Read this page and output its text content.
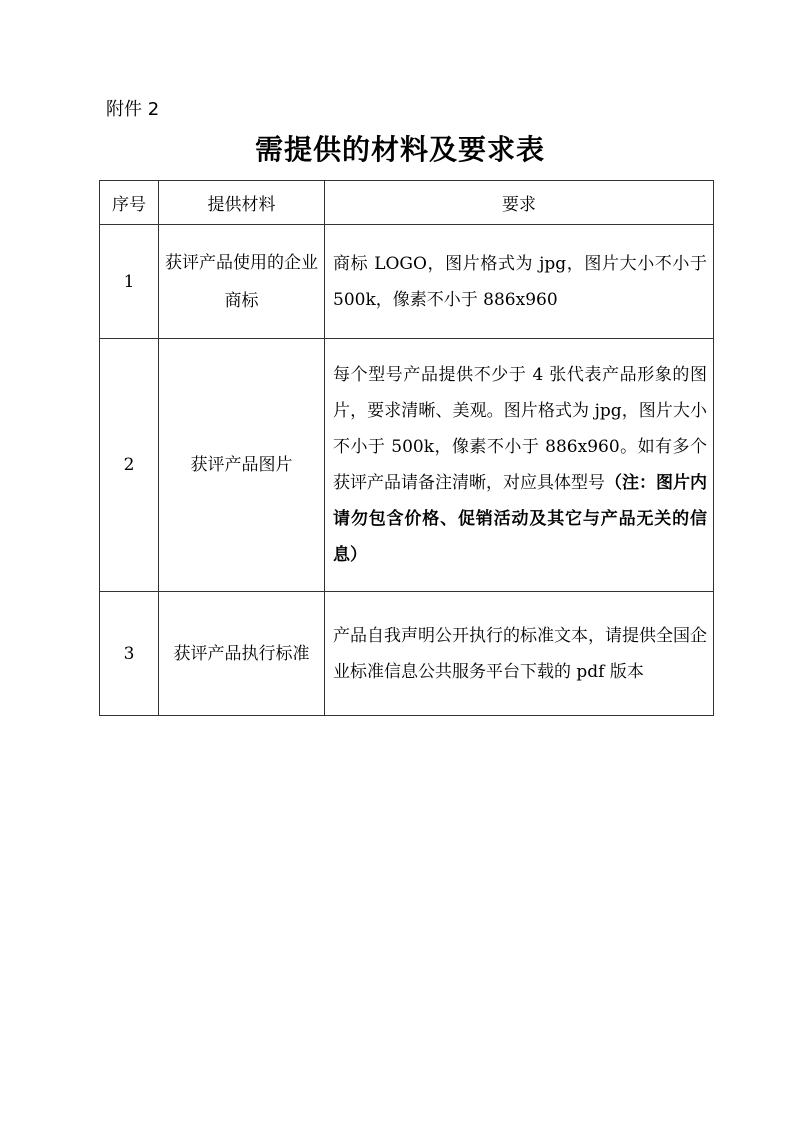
附件 2
需提供的材料及要求表
序号	提供材料	要求
1	获评产品使用的企业商标	商标 LOGO，图片格式为 jpg，图片大小不小于 500k，像素不小于 886x960
2	获评产品图片	每个型号产品提供不少于 4 张代表产品形象的图片，要求清晰、美观。图片格式为 jpg，图片大小不小于 500k，像素不小于 886x960。如有多个获评产品请备注清晰，对应具体型号（注：图片内请勿包含价格、促销活动及其它与产品无关的信息）
3	获评产品执行标准	产品自我声明公开执行的标准文本，请提供全国企业标准信息公共服务平台下载的 pdf 版本
